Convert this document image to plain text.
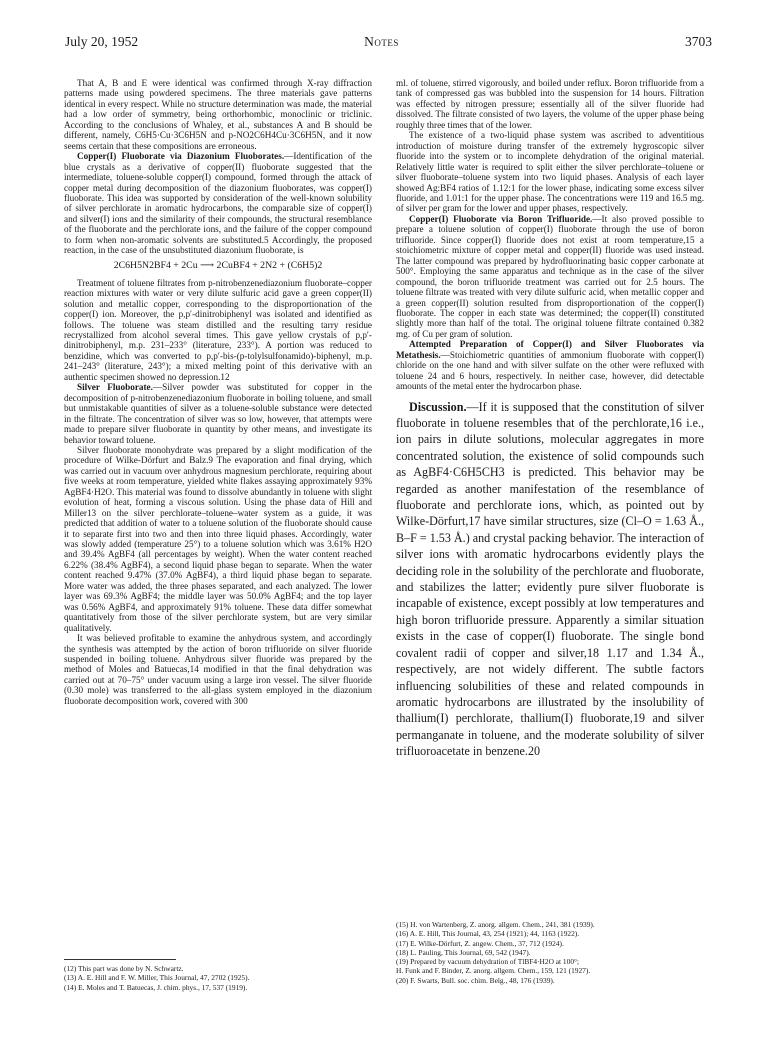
July 20, 1952	Notes	3703

That A, B and E were identical was confirmed through X-ray diffraction patterns made using powdered specimens. The three materials gave patterns identical in every respect. While no structure determination was made, the material had a low order of symmetry, being orthorhombic, monoclinic or triclinic. According to the conclusions of Whaley, et al., substances A and B should be different, namely, C6H5·Cu·3C6H5N and p-NO2C6H4Cu·3C6H5N, and it now seems certain that these compositions are erroneous.

Copper(I) Fluoborate via Diazonium Fluoborates.—Identification of the blue crystals as a derivative of copper(II) fluoborate suggested that the intermediate, toluene-soluble copper(I) compound, formed through the attack of copper metal during decomposition of the diazonium fluoborates, was copper(I) fluoborate. This idea was supported by consideration of the well-known solubility of silver perchlorate in aromatic hydrocarbons, the comparable size of copper(I) and silver(I) ions and the similarity of their compounds, the structural resemblance of the fluoborate and the perchlorate ions, and the failure of the copper compound to form when non-aromatic solvents are substituted.5 Accordingly, the proposed reaction, in the case of the unsubstituted diazonium fluoborate, is

2C6H5N2BF4 + 2Cu ⟶ 2CuBF4 + 2N2 + (C6H5)2

Treatment of toluene filtrates from p-nitrobenzenediazonium fluoborate–copper reaction mixtures with water or very dilute sulfuric acid gave a green copper(II) solution and metallic copper, corresponding to the disproportionation of the copper(I) ion. Moreover, the p,p′-dinitrobiphenyl was isolated and identified as follows. The toluene was steam distilled and the resulting tarry residue recrystallized from alcohol several times. This gave yellow crystals of p,p′-dinitrobiphenyl, m.p. 231–233° (literature, 233°). A portion was reduced to benzidine, which was converted to p,p′-bis-(p-tolylsulfonamido)-biphenyl, m.p. 241–243° (literature, 243°); a mixed melting point of this derivative with an authentic specimen showed no depression.12

Silver Fluoborate.—Silver powder was substituted for copper in the decomposition of p-nitrobenzenediazonium fluoborate in boiling toluene, and small but unmistakable quantities of silver as a toluene-soluble substance were detected in the filtrate. The concentration of silver was so low, however, that attempts were made to prepare silver fluoborate in quantity by other means, and investigate its behavior toward toluene.

Silver fluoborate monohydrate was prepared by a slight modification of the procedure of Wilke-Dörfurt and Balz.9 The evaporation and final drying, which was carried out in vacuum over anhydrous magnesium perchlorate, requiring about five weeks at room temperature, yielded white flakes assaying approximately 93% AgBF4·H2O. This material was found to dissolve abundantly in toluene with slight evolution of heat, forming a viscous solution. Using the phase data of Hill and Miller13 on the silver perchlorate–toluene–water system as a guide, it was predicted that addition of water to a toluene solution of the fluoborate should cause it to separate first into two and then into three liquid phases. Accordingly, water was slowly added (temperature 25°) to a toluene solution which was 3.61% H2O and 39.4% AgBF4 (all percentages by weight). When the water content reached 6.22% (38.4% AgBF4), a second liquid phase began to separate. When the water content reached 9.47% (37.0% AgBF4), a third liquid phase began to separate. More water was added, the three phases separated, and each analyzed. The lower layer was 69.3% AgBF4; the middle layer was 50.0% AgBF4; and the top layer was 0.56% AgBF4, and approximately 91% toluene. These data differ somewhat quantitatively from those of the silver perchlorate system, but are very similar qualitatively.

It was believed profitable to examine the anhydrous system, and accordingly the synthesis was attempted by the action of boron trifluoride on silver fluoride suspended in boiling toluene. Anhydrous silver fluoride was prepared by the method of Moles and Batuecas,14 modified in that the final dehydration was carried out at 70–75° under vacuum using a large iron vessel. The silver fluoride (0.30 mole) was transferred to the all-glass system employed in the diazonium fluoborate decomposition work, covered with 300

(12) This part was done by N. Schwartz.

(13) A. E. Hill and F. W. Miller, This Journal, 47, 2702 (1925).

(14) E. Moles and T. Batuecas, J. chim. phys., 17, 537 (1919).

ml. of toluene, stirred vigorously, and boiled under reflux. Boron trifluoride from a tank of compressed gas was bubbled into the suspension for 14 hours. Filtration was effected by nitrogen pressure; essentially all of the silver fluoride had dissolved. The filtrate consisted of two layers, the volume of the upper phase being roughly three times that of the lower.

The existence of a two-liquid phase system was ascribed to adventitious introduction of moisture during transfer of the extremely hygroscopic silver fluoride into the system or to incomplete dehydration of the original material. Relatively little water is required to split either the silver perchlorate–toluene or silver fluoborate–toluene system into two liquid phases. Analysis of each layer showed Ag:BF4 ratios of 1.12:1 for the lower phase, indicating some excess silver fluoride, and 1.01:1 for the upper phase. The concentrations were 119 and 16.5 mg. of silver per gram for the lower and upper phases, respectively.

Copper(I) Fluoborate via Boron Trifluoride.—It also proved possible to prepare a toluene solution of copper(I) fluoborate through the use of boron trifluoride. Since copper(I) fluoride does not exist at room temperature,15 a stoichiometric mixture of copper metal and copper(II) fluoride was used instead. The latter compound was prepared by hydrofluorinating basic copper carbonate at 500°. Employing the same apparatus and technique as in the case of the silver compound, the boron trifluoride treatment was carried out for 2.5 hours. The toluene filtrate was treated with very dilute sulfuric acid, when metallic copper and a green copper(II) solution resulted from disproportionation of the copper(I) fluoborate. The copper in each state was determined; the copper(II) constituted slightly more than half of the total. The original toluene filtrate contained 0.382 mg. of Cu per gram of solution.

Attempted Preparation of Copper(I) and Silver Fluoborates via Metathesis.—Stoichiometric quantities of ammonium fluoborate with copper(I) chloride on the one hand and with silver sulfate on the other were refluxed with toluene 24 and 6 hours, respectively. In neither case, however, did detectable amounts of the metal enter the hydrocarbon phase.

Discussion.—If it is supposed that the constitution of silver fluoborate in toluene resembles that of the perchlorate,16 i.e., ion pairs in dilute solutions, molecular aggregates in more concentrated solution, the existence of solid compounds such as AgBF4·C6H5CH3 is predicted. This behavior may be regarded as another manifestation of the resemblance of fluoborate and perchlorate ions, which, as pointed out by Wilke-Dörfurt,17 have similar structures, size (Cl–O = 1.63 Å., B–F = 1.53 Å.) and crystal packing behavior. The interaction of silver ions with aromatic hydrocarbons evidently plays the deciding role in the solubility of the perchlorate and fluoborate, and stabilizes the latter; evidently pure silver fluoborate is incapable of existence, except possibly at low temperatures and high boron trifluoride pressure. Apparently a similar situation exists in the case of copper(I) fluoborate. The single bond covalent radii of copper and silver,18 1.17 and 1.34 Å., respectively, are not widely different. The subtle factors influencing solubilities of these and related compounds in aromatic hydrocarbons are illustrated by the insolubility of thallium(I) perchlorate, thallium(I) fluoborate,19 and silver permanganate in toluene, and the moderate solubility of silver trifluoroacetate in benzene.20

(15) H. von Wartenberg, Z. anorg. allgem. Chem., 241, 381 (1939).

(16) A. E. Hill, This Journal, 43, 254 (1921); 44, 1163 (1922).

(17) E. Wilke-Dörfurt, Z. angew. Chem., 37, 712 (1924).

(18) L. Pauling, This Journal, 69, 542 (1947).

(19) Prepared by vacuum dehydration of TlBF4·H2O at 100°;

H. Funk and F. Binder, Z. anorg. allgem. Chem., 159, 121 (1927).

(20) F. Swarts, Bull. soc. chim. Belg., 48, 176 (1939).
